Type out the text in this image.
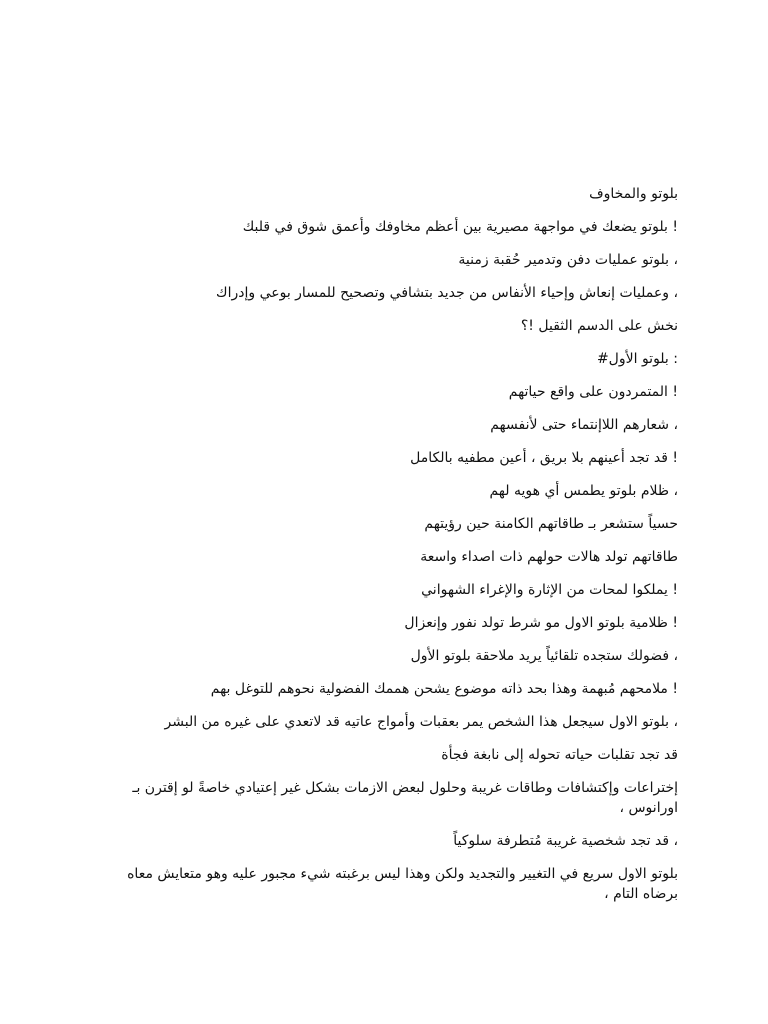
بلوتو والمخاوف

! بلوتو يضعك في مواجهة مصيرية بين أعظم مخاوفك وأعمق شوق في قلبك

، بلوتو عمليات دفن وتدمير حُقبة زمنية

، وعمليات إنعاش وإحياء الأنفاس من جديد بتشافي وتصحيح للمسار بوعي وإدراك

نخش على الدسم الثقيل !؟

: بلوتو الأول#

! المتمردون على واقع حياتهم

، شعارهم اللاإنتماء حتى لأنفسهم

! قد تجد أعينهم بلا بريق ، أعين مطفيه بالكامل

، ظلام بلوتو يطمس أي هويه لهم

حسياً ستشعر بـ طاقاتهم الكامنة حين رؤيتهم

طاقاتهم تولد هالات حولهم ذات اصداء واسعة

! يملكوا لمحات من الإثارة والإغراء الشهواني

! ظلامية بلوتو الاول مو شرط تولد نفور وإنعزال

، فضولك ستجده تلقائياً يريد ملاحقة بلوتو الأول

! ملامحهم مُبهمة وهذا بحد ذاته موضوع يشحن هممك الفضولية نحوهم للتوغل بهم

، بلوتو الاول سيجعل هذا الشخص يمر بعقبات وأمواج عاتيه قد لاتعدي على غيره من البشر

قد تجد تقلبات حياته تحوله إلى نابغة فجأة

إختراعات وإكتشافات وطاقات غريبة وحلول لبعض الازمات بشكل غير إعتيادي خاصةً لو إقترن بـ اورانوس ،

، قد تجد شخصية غريبة مُتطرفة سلوكياً

بلوتو الاول سريع في التغيير والتجديد ولكن وهذا ليس برغبته شيء مجبور عليه وهو متعايش معاه برضاه التام ،
